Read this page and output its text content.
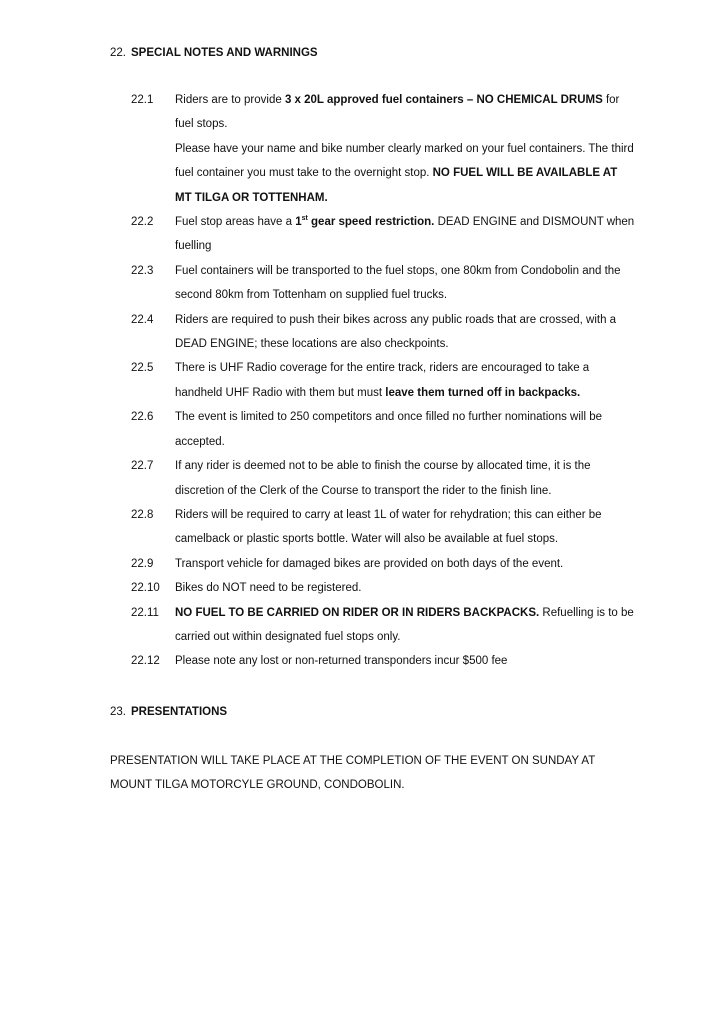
22. SPECIAL NOTES AND WARNINGS
22.1 Riders are to provide 3 x 20L approved fuel containers – NO CHEMICAL DRUMS for fuel stops.
Please have your name and bike number clearly marked on your fuel containers. The third fuel container you must take to the overnight stop. NO FUEL WILL BE AVAILABLE AT MT TILGA OR TOTTENHAM.
22.2 Fuel stop areas have a 1st gear speed restriction. DEAD ENGINE and DISMOUNT when fuelling
22.3 Fuel containers will be transported to the fuel stops, one 80km from Condobolin and the second 80km from Tottenham on supplied fuel trucks.
22.4 Riders are required to push their bikes across any public roads that are crossed, with a DEAD ENGINE; these locations are also checkpoints.
22.5 There is UHF Radio coverage for the entire track, riders are encouraged to take a handheld UHF Radio with them but must leave them turned off in backpacks.
22.6 The event is limited to 250 competitors and once filled no further nominations will be accepted.
22.7 If any rider is deemed not to be able to finish the course by allocated time, it is the discretion of the Clerk of the Course to transport the rider to the finish line.
22.8 Riders will be required to carry at least 1L of water for rehydration; this can either be camelback or plastic sports bottle. Water will also be available at fuel stops.
22.9 Transport vehicle for damaged bikes are provided on both days of the event.
22.10 Bikes do NOT need to be registered.
22.11 NO FUEL TO BE CARRIED ON RIDER OR IN RIDERS BACKPACKS. Refuelling is to be carried out within designated fuel stops only.
22.12 Please note any lost or non-returned transponders incur $500 fee
23. PRESENTATIONS
PRESENTATION WILL TAKE PLACE AT THE COMPLETION OF THE EVENT ON SUNDAY AT MOUNT TILGA MOTORCYLE GROUND, CONDOBOLIN.
